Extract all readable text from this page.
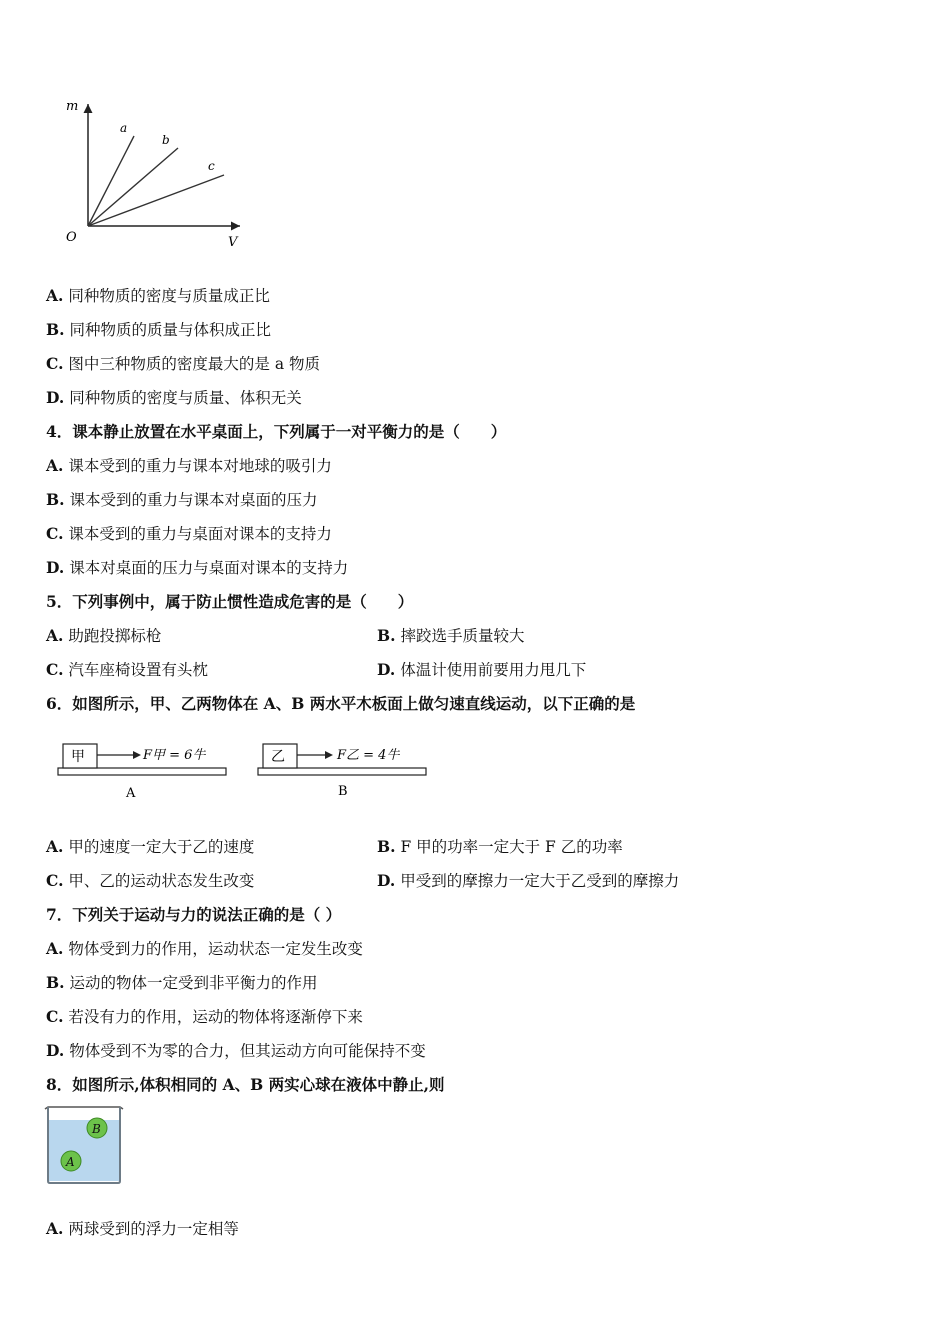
m
V
O
a
b
c
A. 同种物质的密度与质量成正比
B. 同种物质的质量与体积成正比
C. 图中三种物质的密度最大的是 a 物质
D. 同种物质的密度与质量、体积无关
4．课本静止放置在水平桌面上，下列属于一对平衡力的是（　　）
A. 课本受到的重力与课本对地球的吸引力
B. 课本受到的重力与课本对桌面的压力
C. 课本受到的重力与桌面对课本的支持力
D. 课本对桌面的压力与桌面对课本的支持力
5．下列事例中，属于防止惯性造成危害的是（　　）
A. 助跑投掷标枪	B. 摔跤选手质量较大
C. 汽车座椅设置有头枕	D. 体温计使用前要用力甩几下
6．如图所示，甲、乙两物体在 A、B 两水平木板面上做匀速直线运动，以下正确的是
甲	F甲 = 6牛
A
乙	F乙 = 4牛
B
A. 甲的速度一定大于乙的速度	B. F 甲的功率一定大于 F 乙的功率
C. 甲、乙的运动状态发生改变	D. 甲受到的摩擦力一定大于乙受到的摩擦力
7．下列关于运动与力的说法正确的是（ ）
A. 物体受到力的作用，运动状态一定发生改变
B. 运动的物体一定受到非平衡力的作用
C. 若没有力的作用，运动的物体将逐渐停下来
D. 物体受到不为零的合力，但其运动方向可能保持不变
8．如图所示,体积相同的 A、B 两实心球在液体中静止,则
B
A
A. 两球受到的浮力一定相等
